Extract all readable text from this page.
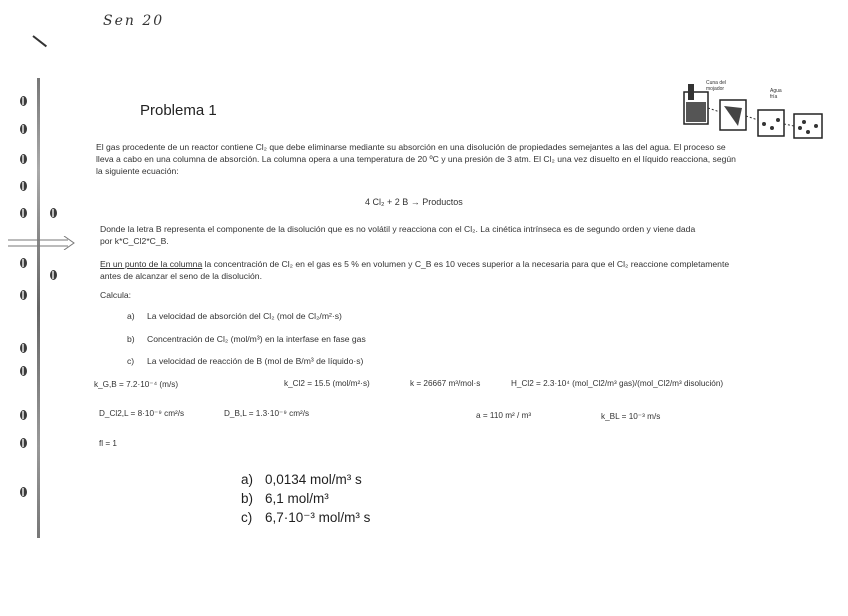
Sen 20
Problema 1
Cuna del mojador	Agua fría
El gas procedente de un reactor contiene Cl₂ que debe eliminarse mediante su absorción en una disolución de propiedades semejantes a las del agua. El proceso se
lleva a cabo en una columna de absorción. La columna opera a una temperatura de 20 ºC y una presión de 3 atm. El Cl₂ una vez disuelto en el líquido reacciona, según
la siguiente ecuación:
4 Cl₂ + 2 B → Productos
Donde la letra B representa el componente de la disolución que es no volátil y reacciona con el Cl₂. La cinética intrínseca es de segundo orden y viene dada
por k*C_Cl2*C_B.
En un punto de la columna la concentración de Cl₂ en el gas es 5 % en volumen y C_B es 10 veces superior a la necesaria para que el Cl₂ reaccione completamente
antes de alcanzar el seno de la disolución.
Calcula:
a) La velocidad de absorción del Cl₂ (mol de Cl₂/m²·s)
b) Concentración de Cl₂ (mol/m³) en la interfase en fase gas
c) La velocidad de reacción de B (mol de B/m³ de líquido·s)
k_G,B = 7.2·10⁻⁴ (m/s)	k_Cl2 = 15.5 (mol/m²·s)	k = 26667 m³/mol·s	H_Cl2 = 2.3·10⁴ (mol_Cl2/m³ gas)/(mol_Cl2/m³ disolución)
D_Cl2,L = 8·10⁻⁹ cm²/s	D_B,L = 1.3·10⁻⁹ cm²/s	a = 110 m² / m³	k_BL = 10⁻³ m/s
fl = 1
a) 0,0134 mol/m³ s
b) 6,1 mol/m³
c) 6,7·10⁻³ mol/m³ s
